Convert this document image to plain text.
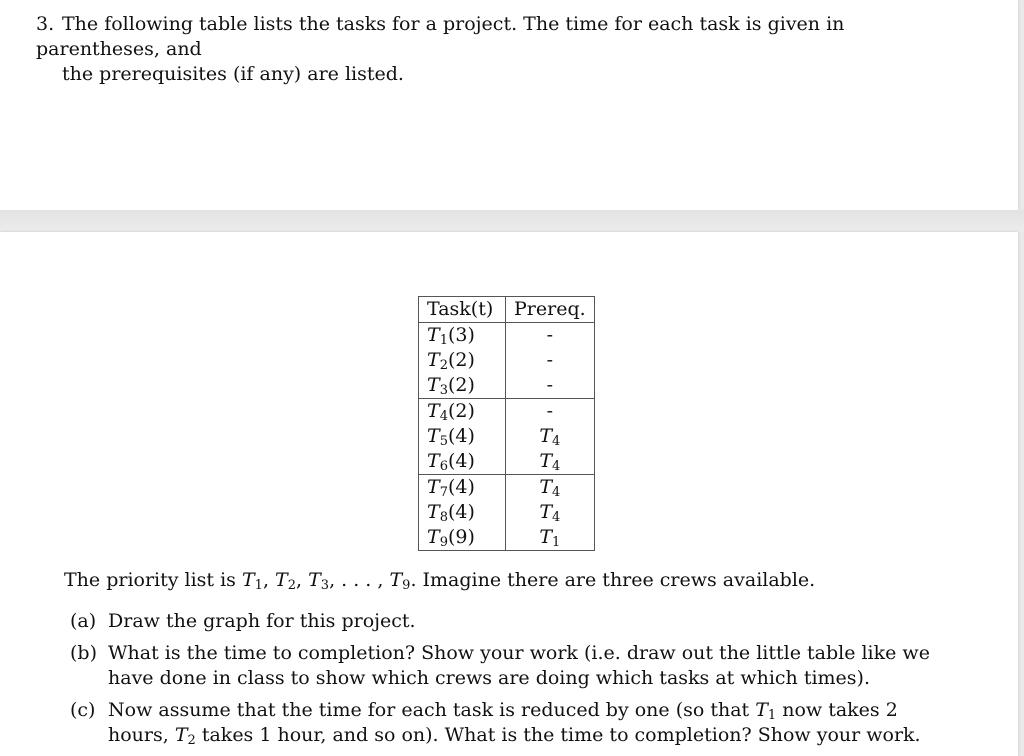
3. The following table lists the tasks for a project. The time for each task is given in parentheses, and
the prerequisites (if any) are listed.
Task(t)	Prereq.
$T_1(3)$	-
$T_2(2)$	-
$T_3(2)$	-
$T_4(2)$	-
$T_5(4)$	$T_4$
$T_6(4)$	$T_4$
$T_7(4)$	$T_4$
$T_8(4)$	$T_4$
$T_9(9)$	$T_1$
The priority list is $T_1$, $T_2$, $T_3$, . . . , $T_9$. Imagine there are three crews available.
(a) Draw the graph for this project.
(b) What is the time to completion? Show your work (i.e. draw out the little table like we have done in class to show which crews are doing which tasks at which times).
(c) Now assume that the time for each task is reduced by one (so that $T_1$ now takes 2 hours, $T_2$ takes 1 hour, and so on). What is the time to completion? Show your work.
